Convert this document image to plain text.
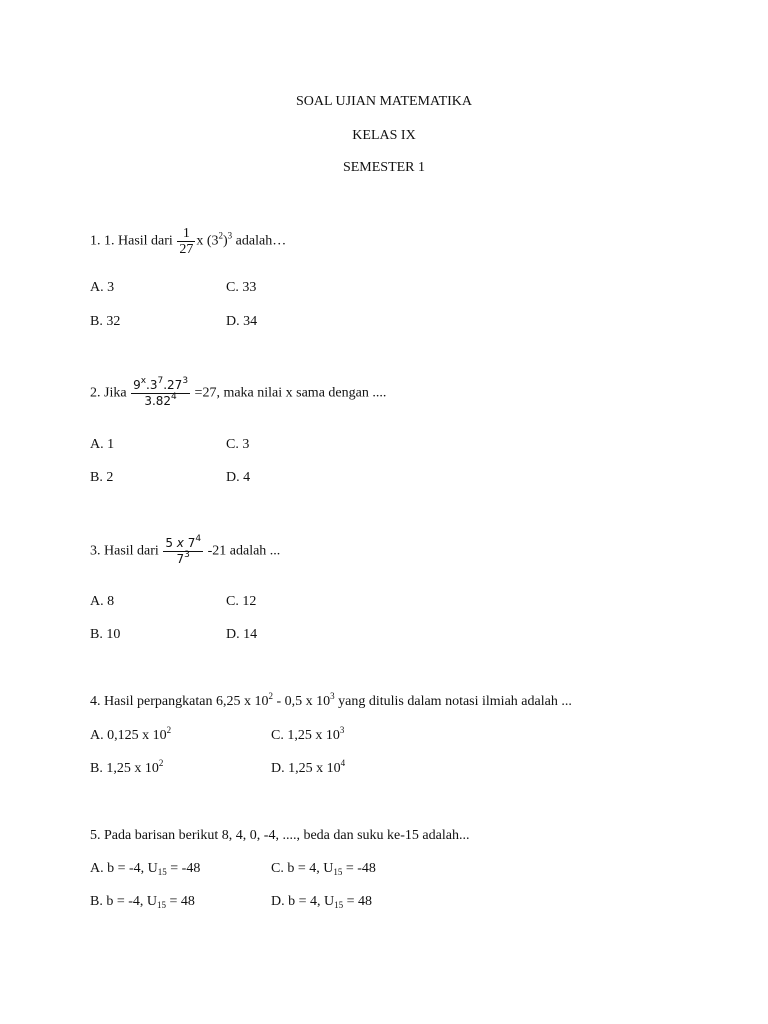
SOAL UJIAN MATEMATIKA
KELAS IX
SEMESTER 1
1. 1. Hasil dari $\frac{1}{27}$ x $(3^2)^3$ adalah…
A. 3	C. 33
B. 32	D. 34
2. Jika $\frac{9^x.3^7.27^3}{3.82^4} =27$, maka nilai x sama dengan ....
A. 1	C. 3
B. 2	D. 4
3. Hasil dari $\frac{5 x 7^4}{7^3} -21$ adalah ...
A. 8	C. 12
B. 10	D. 14
4. Hasil perpangkatan 6,25 x $10^2 - 0,5$ x $10^3$ yang ditulis dalam notasi ilmiah adalah ...
A. 0,125 x $10^2$	C. 1,25 x $10^3$
B. 1,25 x $10^2$	D. 1,25 x $10^4$
5. Pada barisan berikut 8, 4, 0, -4, ...., beda dan suku ke-15 adalah...
A. b = -4, $U_{15} = -48$	C. b = 4, $U_{15} = -48$
B. b = -4, $U_{15} = 48$	D. b = 4, $U_{15} = 48$
